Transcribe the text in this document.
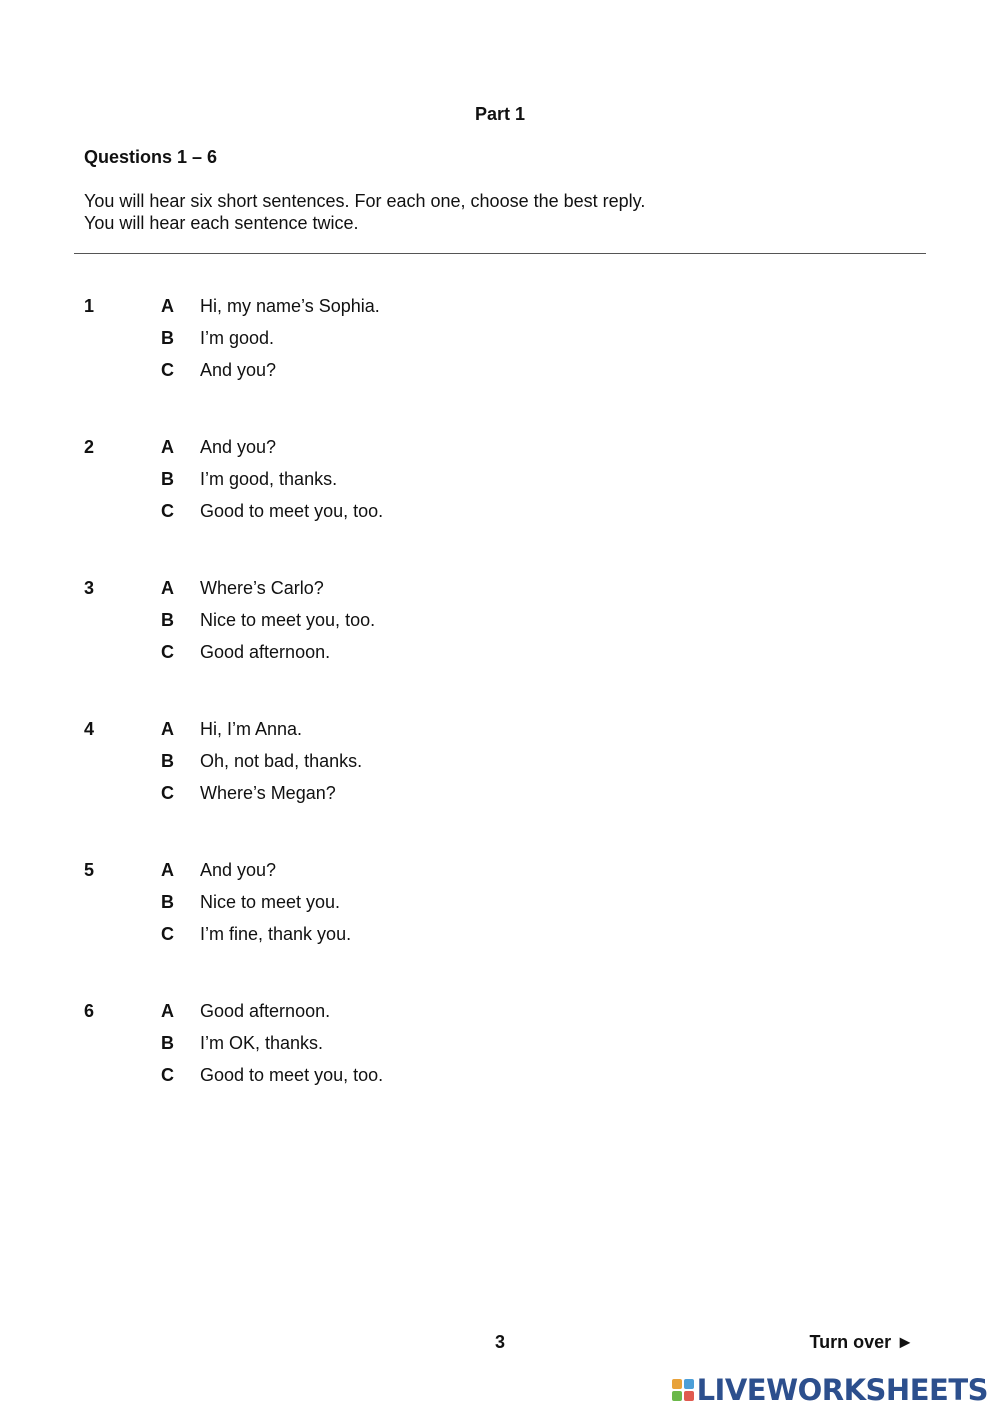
Part 1
Questions 1 – 6
You will hear six short sentences. For each one, choose the best reply.
You will hear each sentence twice.
1	A Hi, my name’s Sophia.
B I’m good.
C And you?
2	A And you?
B I’m good, thanks.
C Good to meet you, too.
3	A Where’s Carlo?
B Nice to meet you, too.
C Good afternoon.
4	A Hi, I’m Anna.
B Oh, not bad, thanks.
C Where’s Megan?
5	A And you?
B Nice to meet you.
C I’m fine, thank you.
6	A Good afternoon.
B I’m OK, thanks.
C Good to meet you, too.
3	Turn over ►
LIVEWORKSHEETS
